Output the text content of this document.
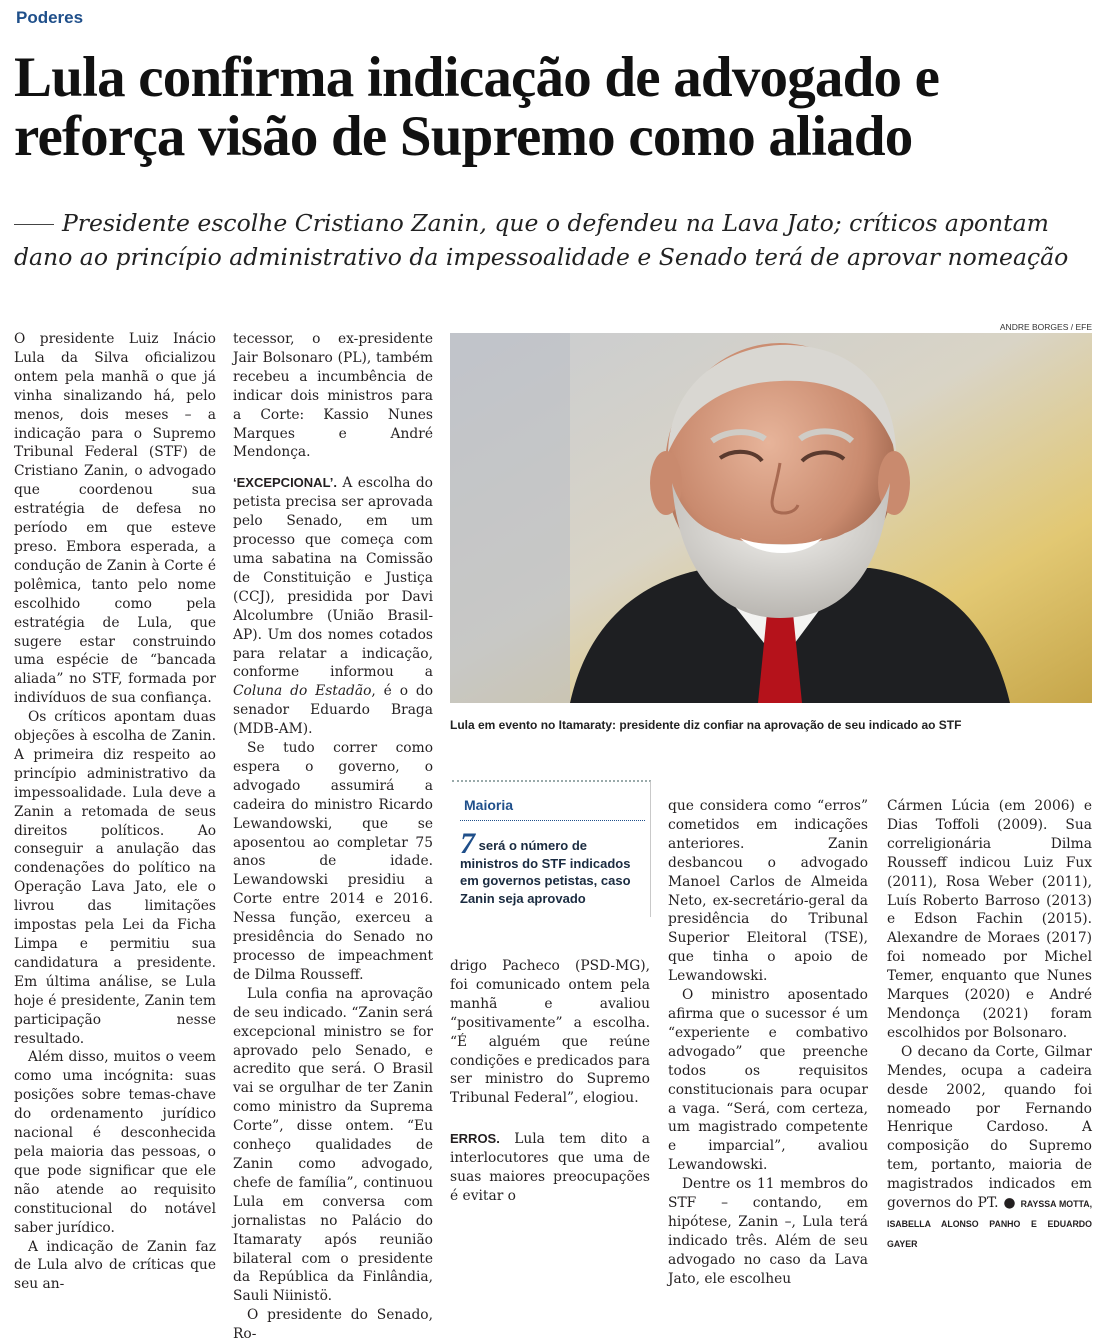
Poderes
Lula confirma indicação de advogado e
reforça visão de Supremo como aliado
Presidente escolhe Cristiano Zanin, que o defendeu na Lava Jato; críticos apontam
dano ao princípio administrativo da impessoalidade e Senado terá de aprovar nomeação

O presidente Luiz Inácio Lula da Silva oficializou ontem pela manhã o que já vinha sinalizando há, pelo menos, dois meses – a indicação para o Supremo Tribunal Federal (STF) de Cristiano Zanin, o advogado que coordenou sua estratégia de defesa no período em que esteve preso. Embora esperada, a condução de Zanin à Corte é polêmica, tanto pelo nome escolhido como pela estratégia de Lula, que sugere estar construindo uma espécie de “bancada aliada” no STF, formada por indivíduos de sua confiança.

Os críticos apontam duas objeções à escolha de Zanin. A primeira diz respeito ao princípio administrativo da impessoalidade. Lula deve a Zanin a retomada de seus direitos políticos. Ao conseguir a anulação das condenações do político na Operação Lava Jato, ele o livrou das limitações impostas pela Lei da Ficha Limpa e permitiu sua candidatura a presidente. Em última análise, se Lula hoje é presidente, Zanin tem participação nesse resultado.

Além disso, muitos o veem como uma incógnita: suas posições sobre temas-chave do ordenamento jurídico nacional é desconhecida pela maioria das pessoas, o que pode significar que ele não atende ao requisito constitucional do notável saber jurídico.

A indicação de Zanin faz de Lula alvo de críticas que seu an-

tecessor, o ex-presidente Jair Bolsonaro (PL), também recebeu a incumbência de indicar dois ministros para a Corte: Kassio Nunes Marques e André Mendonça.

‘EXCEPCIONAL’. A escolha do petista precisa ser aprovada pelo Senado, em um processo que começa com uma sabatina na Comissão de Constituição e Justiça (CCJ), presidida por Davi Alcolumbre (União Brasil-AP). Um dos nomes cotados para relatar a indicação, conforme informou a Coluna do Estadão, é o do senador Eduardo Braga (MDB-AM).

Se tudo correr como espera o governo, o advogado assumirá a cadeira do ministro Ricardo Lewandowski, que se aposentou ao completar 75 anos de idade. Lewandowski presidiu a Corte entre 2014 e 2016. Nessa função, exerceu a presidência do Senado no processo de impeachment de Dilma Rousseff.

Lula confia na aprovação de seu indicado. “Zanin será excepcional ministro se for aprovado pelo Senado, e acredito que será. O Brasil vai se orgulhar de ter Zanin como ministro da Suprema Corte”, disse ontem. “Eu conheço qualidades de Zanin como advogado, chefe de família”, continuou Lula em conversa com jornalistas no Palácio do Itamaraty após reunião bilateral com o presidente da República da Finlândia, Sauli Niinistö.

O presidente do Senado, Ro-

ANDRE BORGES / EFE
Lula em evento no Itamaraty: presidente diz confiar na aprovação de seu indicado ao STF
Maioria
7 será o número de ministros do STF indicados em governos petistas, caso Zanin seja aprovado

drigo Pacheco (PSD-MG), foi comunicado ontem pela manhã e avaliou “positivamente” a escolha. “É alguém que reúne condições e predicados para ser ministro do Supremo Tribunal Federal”, elogiou.

ERROS. Lula tem dito a interlocutores que uma de suas maiores preocupações é evitar o

que considera como “erros” cometidos em indicações anteriores. Zanin desbancou o advogado Manoel Carlos de Almeida Neto, ex-secretário-geral da presidência do Tribunal Superior Eleitoral (TSE), que tinha o apoio de Lewandowski.

O ministro aposentado afirma que o sucessor é um “experiente e combativo advogado” que preenche todos os requisitos constitucionais para ocupar a vaga. “Será, com certeza, um magistrado competente e imparcial”, avaliou Lewandowski.

Dentre os 11 membros do STF – contando, em hipótese, Zanin –, Lula terá indicado três. Além de seu advogado no caso da Lava Jato, ele escolheu

Cármen Lúcia (em 2006) e Dias Toffoli (2009). Sua correligionária Dilma Rousseff indicou Luiz Fux (2011), Rosa Weber (2011), Luís Roberto Barroso (2013) e Edson Fachin (2015). Alexandre de Moraes (2017) foi nomeado por Michel Temer, enquanto que Nunes Marques (2020) e André Mendonça (2021) foram escolhidos por Bolsonaro.

O decano da Corte, Gilmar Mendes, ocupa a cadeira desde 2002, quando foi nomeado por Fernando Henrique Cardoso. A composição do Supremo tem, portanto, maioria de magistrados indicados em governos do PT. ● RAYSSA MOTTA, ISABELLA ALONSO PANHO E EDUARDO GAYER
